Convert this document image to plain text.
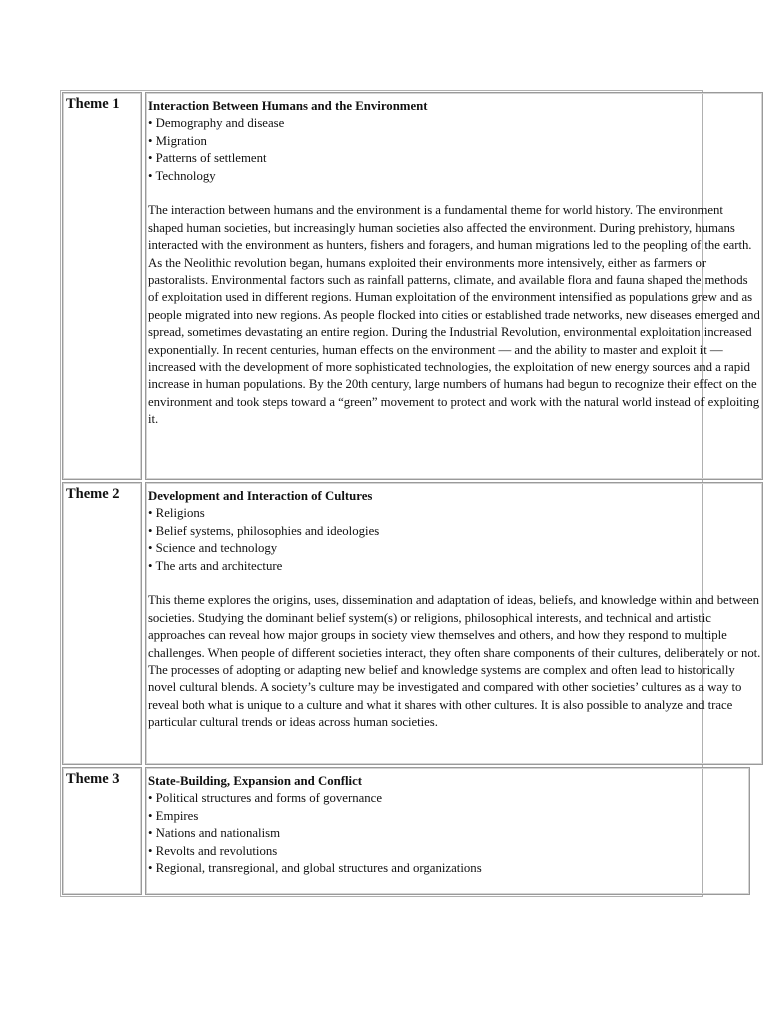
Theme 1	Interaction Between Humans and the Environment
• Demography and disease
• Migration
• Patterns of settlement
• Technology

The interaction between humans and the environment is a fundamental theme for world history. The environment shaped human societies, but increasingly human societies also affected the environment. During prehistory, humans interacted with the environment as hunters, fishers and foragers, and human migrations led to the peopling of the earth. As the Neolithic revolution began, humans exploited their environments more intensively, either as farmers or pastoralists. Environmental factors such as rainfall patterns, climate, and available flora and fauna shaped the methods of exploitation used in different regions. Human exploitation of the environment intensified as populations grew and as people migrated into new regions. As people flocked into cities or established trade networks, new diseases emerged and spread, sometimes devastating an entire region. During the Industrial Revolution, environmental exploitation increased exponentially. In recent centuries, human effects on the environment — and the ability to master and exploit it — increased with the development of more sophisticated technologies, the exploitation of new energy sources and a rapid increase in human populations. By the 20th century, large numbers of humans had begun to recognize their effect on the environment and took steps toward a “green” movement to protect and work with the natural world instead of exploiting it.

Theme 2	Development and Interaction of Cultures
• Religions
• Belief systems, philosophies and ideologies
• Science and technology
• The arts and architecture

This theme explores the origins, uses, dissemination and adaptation of ideas, beliefs, and knowledge within and between societies. Studying the dominant belief system(s) or religions, philosophical interests, and technical and artistic approaches can reveal how major groups in society view themselves and others, and how they respond to multiple challenges. When people of different societies interact, they often share components of their cultures, deliberately or not. The processes of adopting or adapting new belief and knowledge systems are complex and often lead to historically novel cultural blends. A society’s culture may be investigated and compared with other societies’ cultures as a way to reveal both what is unique to a culture and what it shares with other cultures. It is also possible to analyze and trace particular cultural trends or ideas across human societies.

Theme 3	State-Building, Expansion and Conflict
• Political structures and forms of governance
• Empires
• Nations and nationalism
• Revolts and revolutions
• Regional, transregional, and global structures and organizations
